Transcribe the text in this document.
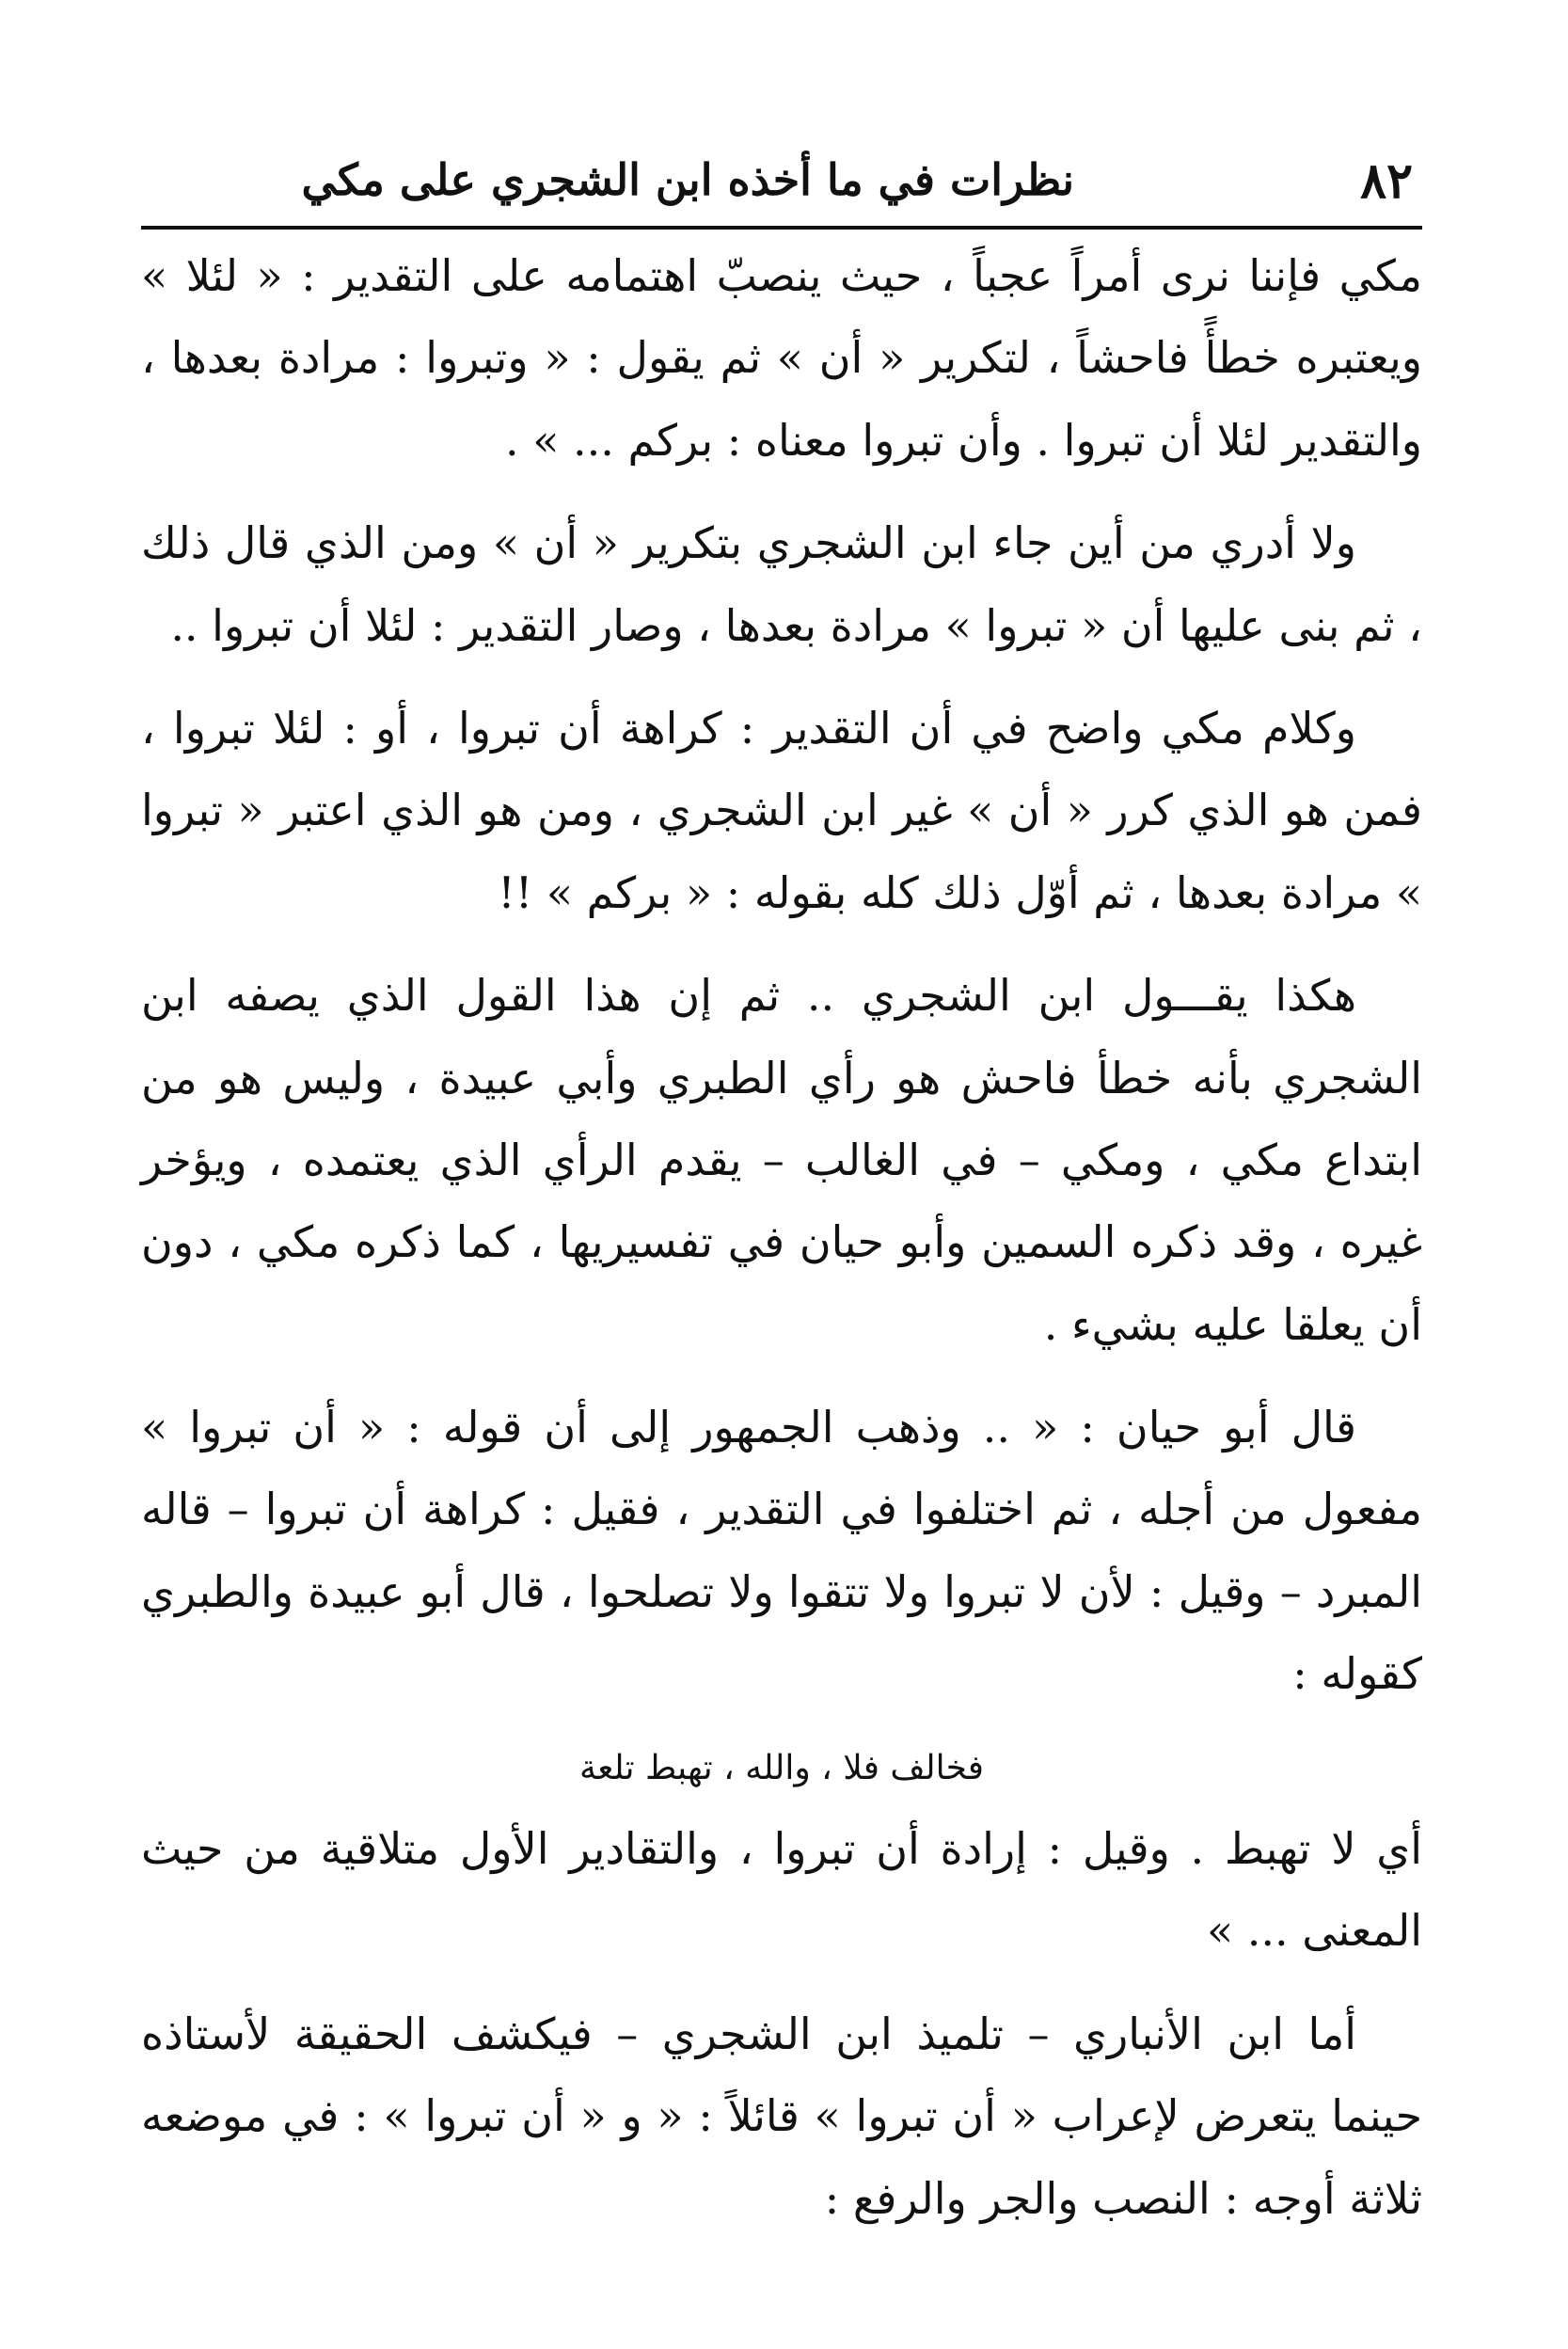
٨٢
نظرات في ما أخذه ابن الشجري على مكي

مكي فإننا نرى أمراً عجباً ، حيث ينصبّ اهتمامه على التقدير : « لئلا » ويعتبره خطأً فاحشاً ، لتكرير « أن » ثم يقول : « وتبروا : مرادة بعدها ، والتقدير لئلا أن تبروا . وأن تبروا معناه : بركم ... » .

ولا أدري من أين جاء ابن الشجري بتكرير « أن » ومن الذي قال ذلك ، ثم بنى عليها أن « تبروا » مرادة بعدها ، وصار التقدير : لئلا أن تبروا ..

وكلام مكي واضح في أن التقدير : كراهة أن تبروا ، أو : لئلا تبروا ، فمن هو الذي كرر « أن » غير ابن الشجري ، ومن هو الذي اعتبر « تبروا » مرادة بعدها ، ثم أوّل ذلك كله بقوله : « بركم » !!

هكذا يقـــول ابن الشجري .. ثم إن هذا القول الذي يصفه ابن الشجري بأنه خطأ فاحش هو رأي الطبري وأبي عبيدة ، وليس هو من ابتداع مكي ، ومكي – في الغالب – يقدم الرأي الذي يعتمده ، ويؤخر غيره ، وقد ذكره السمين وأبو حيان في تفسيريها ، كما ذكره مكي ، دون أن يعلقا عليه بشيء .

قال أبو حيان : « .. وذهب الجمهور إلى أن قوله : « أن تبروا » مفعول من أجله ، ثم اختلفوا في التقدير ، فقيل : كراهة أن تبروا – قاله المبرد – وقيل : لأن لا تبروا ولا تتقوا ولا تصلحوا ، قال أبو عبيدة والطبري كقوله :

فخالف فلا ، والله ، تهبط تلعة

أي لا تهبط . وقيل : إرادة أن تبروا ، والتقادير الأول متلاقية من حيث المعنى ... »

أما ابن الأنباري – تلميذ ابن الشجري – فيكشف الحقيقة لأستاذه حينما يتعرض لإعراب « أن تبروا » قائلاً : « و « أن تبروا » : في موضعه ثلاثة أوجه : النصب والجر والرفع :
